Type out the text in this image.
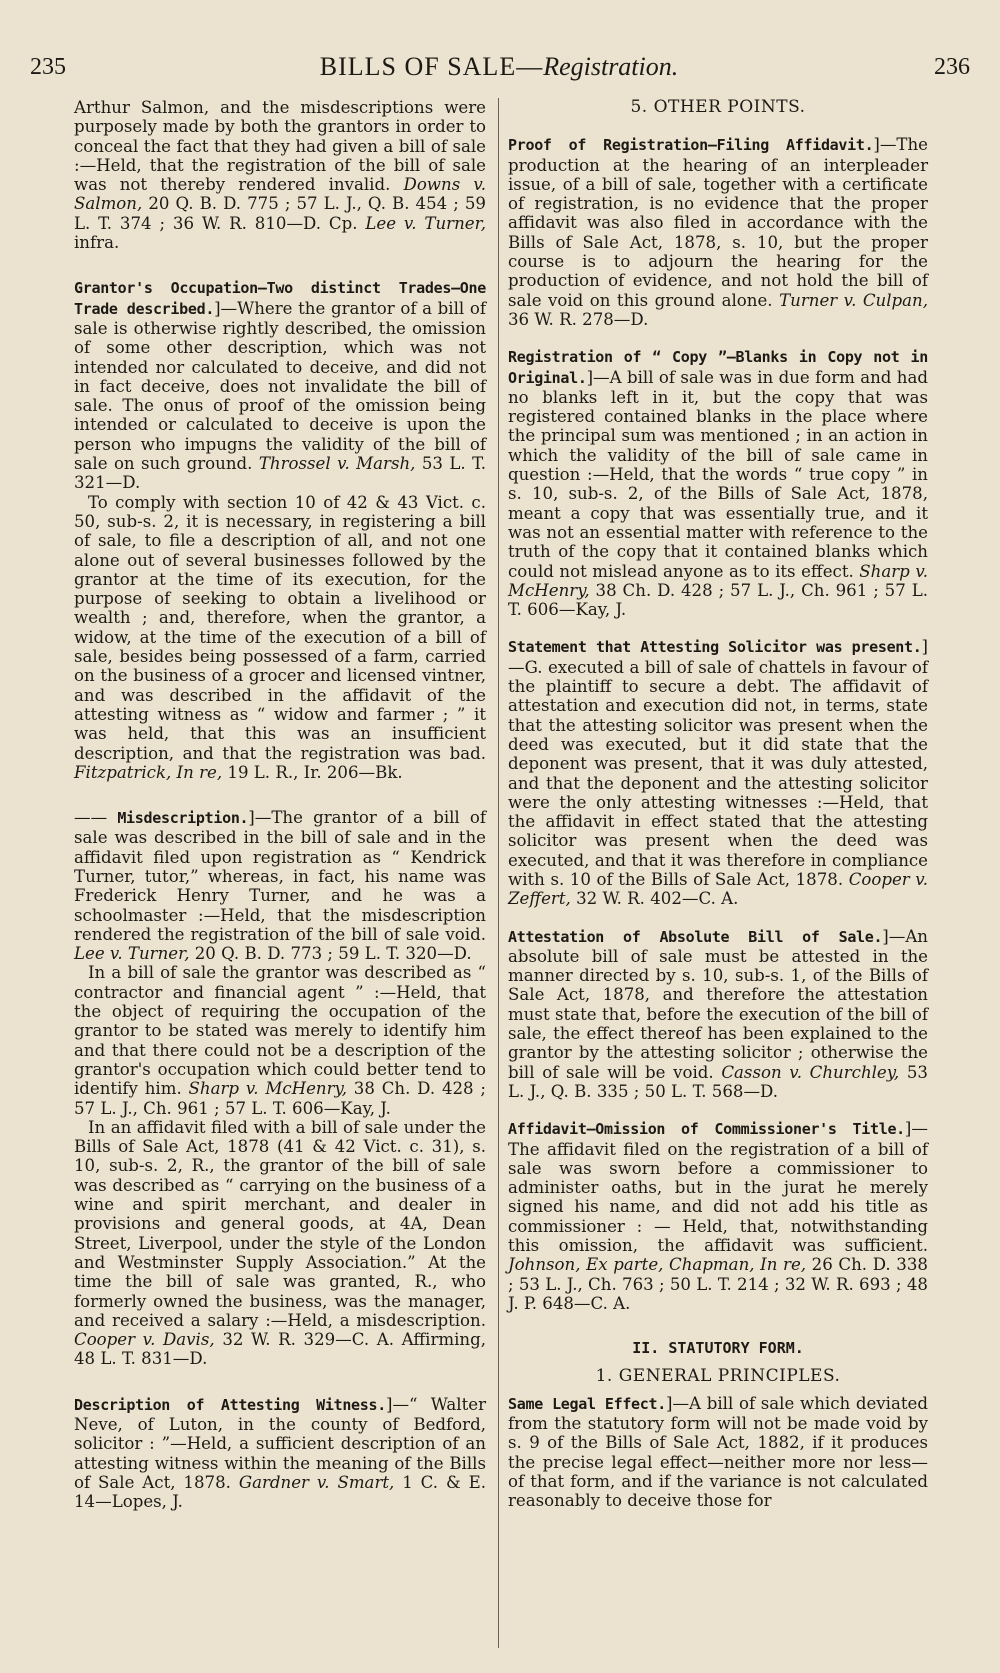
235	BILLS OF SALE—Registration.	236

Arthur Salmon, and the misdescriptions were purposely made by both the grantors in order to conceal the fact that they had given a bill of sale :—Held, that the registration of the bill of sale was not thereby rendered invalid. Downs v. Salmon, 20 Q. B. D. 775 ; 57 L. J., Q. B. 454 ; 59 L. T. 374 ; 36 W. R. 810—D. Cp. Lee v. Turner, infra.

Grantor's Occupation—Two distinct Trades—One Trade described.]—Where the grantor of a bill of sale is otherwise rightly described, the omission of some other description, which was not intended nor calculated to deceive, and did not in fact deceive, does not invalidate the bill of sale. The onus of proof of the omission being intended or calculated to deceive is upon the person who impugns the validity of the bill of sale on such ground. Throssel v. Marsh, 53 L. T. 321—D.

To comply with section 10 of 42 & 43 Vict. c. 50, sub-s. 2, it is necessary, in registering a bill of sale, to file a description of all, and not one alone out of several businesses followed by the grantor at the time of its execution, for the purpose of seeking to obtain a livelihood or wealth ; and, therefore, when the grantor, a widow, at the time of the execution of a bill of sale, besides being possessed of a farm, carried on the business of a grocer and licensed vintner, and was described in the affidavit of the attesting witness as “ widow and farmer ; ” it was held, that this was an insufficient description, and that the registration was bad. Fitzpatrick, In re, 19 L. R., Ir. 206—Bk.

—— Misdescription.]—The grantor of a bill of sale was described in the bill of sale and in the affidavit filed upon registration as “ Kendrick Turner, tutor,” whereas, in fact, his name was Frederick Henry Turner, and he was a schoolmaster :—Held, that the misdescription rendered the registration of the bill of sale void. Lee v. Turner, 20 Q. B. D. 773 ; 59 L. T. 320—D.

In a bill of sale the grantor was described as “ contractor and financial agent ” :—Held, that the object of requiring the occupation of the grantor to be stated was merely to identify him and that there could not be a description of the grantor's occupation which could better tend to identify him. Sharp v. McHenry, 38 Ch. D. 428 ; 57 L. J., Ch. 961 ; 57 L. T. 606—Kay, J.

In an affidavit filed with a bill of sale under the Bills of Sale Act, 1878 (41 & 42 Vict. c. 31), s. 10, sub-s. 2, R., the grantor of the bill of sale was described as “ carrying on the business of a wine and spirit merchant, and dealer in provisions and general goods, at 4A, Dean Street, Liverpool, under the style of the London and Westminster Supply Association.” At the time the bill of sale was granted, R., who formerly owned the business, was the manager, and received a salary :—Held, a misdescription. Cooper v. Davis, 32 W. R. 329—C. A. Affirming, 48 L. T. 831—D.

Description of Attesting Witness.]—“ Walter Neve, of Luton, in the county of Bedford, solicitor : ”—Held, a sufficient description of an attesting witness within the meaning of the Bills of Sale Act, 1878. Gardner v. Smart, 1 C. & E. 14—Lopes, J.

5. OTHER POINTS.

Proof of Registration—Filing Affidavit.]—The production at the hearing of an interpleader issue, of a bill of sale, together with a certificate of registration, is no evidence that the proper affidavit was also filed in accordance with the Bills of Sale Act, 1878, s. 10, but the proper course is to adjourn the hearing for the production of evidence, and not hold the bill of sale void on this ground alone. Turner v. Culpan, 36 W. R. 278—D.

Registration of “ Copy ”—Blanks in Copy not in Original.]—A bill of sale was in due form and had no blanks left in it, but the copy that was registered contained blanks in the place where the principal sum was mentioned ; in an action in which the validity of the bill of sale came in question :—Held, that the words “ true copy ” in s. 10, sub-s. 2, of the Bills of Sale Act, 1878, meant a copy that was essentially true, and it was not an essential matter with reference to the truth of the copy that it contained blanks which could not mislead anyone as to its effect. Sharp v. McHenry, 38 Ch. D. 428 ; 57 L. J., Ch. 961 ; 57 L. T. 606—Kay, J.

Statement that Attesting Solicitor was present.]—G. executed a bill of sale of chattels in favour of the plaintiff to secure a debt. The affidavit of attestation and execution did not, in terms, state that the attesting solicitor was present when the deed was executed, but it did state that the deponent was present, that it was duly attested, and that the deponent and the attesting solicitor were the only attesting witnesses :—Held, that the affidavit in effect stated that the attesting solicitor was present when the deed was executed, and that it was therefore in compliance with s. 10 of the Bills of Sale Act, 1878. Cooper v. Zeffert, 32 W. R. 402—C. A.

Attestation of Absolute Bill of Sale.]—An absolute bill of sale must be attested in the manner directed by s. 10, sub-s. 1, of the Bills of Sale Act, 1878, and therefore the attestation must state that, before the execution of the bill of sale, the effect thereof has been explained to the grantor by the attesting solicitor ; otherwise the bill of sale will be void. Casson v. Churchley, 53 L. J., Q. B. 335 ; 50 L. T. 568—D.

Affidavit—Omission of Commissioner's Title.]—The affidavit filed on the registration of a bill of sale was sworn before a commissioner to administer oaths, but in the jurat he merely signed his name, and did not add his title as commissioner : — Held, that, notwithstanding this omission, the affidavit was sufficient. Johnson, Ex parte, Chapman, In re, 26 Ch. D. 338 ; 53 L. J., Ch. 763 ; 50 L. T. 214 ; 32 W. R. 693 ; 48 J. P. 648—C. A.

II. STATUTORY FORM.

1. GENERAL PRINCIPLES.

Same Legal Effect.]—A bill of sale which deviated from the statutory form will not be made void by s. 9 of the Bills of Sale Act, 1882, if it produces the precise legal effect—neither more nor less—of that form, and if the variance is not calculated reasonably to deceive those for
